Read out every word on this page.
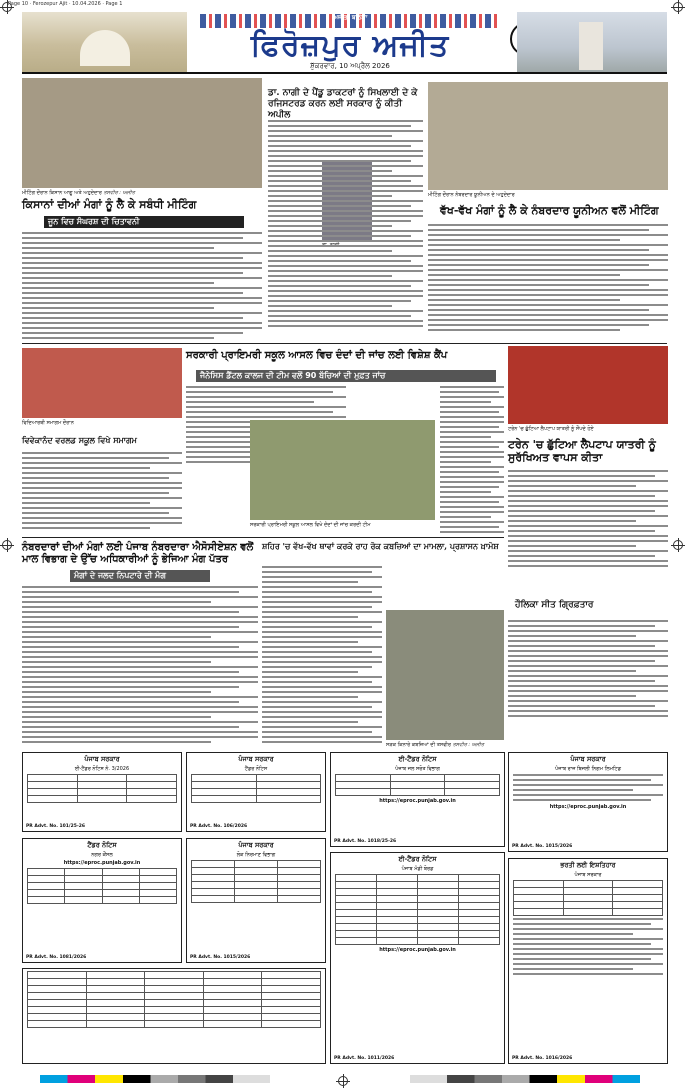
Page 10 · Ferozepur Ajit · 10.04.2026 · Page 1
ਅਜੀਤ, ਬਠਿੰਡਾ
ਫਿਰੋਜ਼ਪੁਰ ਅਜੀਤ
ਸ਼ੁੱਕਰਵਾਰ, 10 ਅਪ੍ਰੈਲ 2026
ਮੀਟਿੰਗ ਦੌਰਾਨ ਕਿਸਾਨ ਆਗੂ ਅਤੇ ਅਹੁਦੇਦਾਰ ਤਸਵੀਰ : ਅਜੀਤ
ਕਿਸਾਨਾਂ ਦੀਆਂ ਮੰਗਾਂ ਨੂੰ ਲੈ ਕੇ ਸਬੰਧੀ ਮੀਟਿੰਗ
ਜੂਨ ਵਿਚ ਸੰਘਰਸ਼ ਦੀ ਚਿਤਾਵਨੀ
ਡਾ. ਨਾਗੀ ਦੇ ਪੈਂਡੂ ਡਾਕਟਰਾਂ ਨੂੰ ਸਿਖਲਾਈ ਦੇ ਕੇ ਰਜਿਸਟਰਡ ਕਰਨ ਲਈ ਸਰਕਾਰ ਨੂੰ ਕੀਤੀ ਅਪੀਲ
ਮੀਟਿੰਗ ਦੌਰਾਨ ਨੰਬਰਦਾਰ ਯੂਨੀਅਨ ਦੇ ਅਹੁਦੇਦਾਰ
ਵੱਖ-ਵੱਖ ਮੰਗਾਂ ਨੂੰ ਲੈ ਕੇ ਨੰਬਰਦਾਰ ਯੂਨੀਅਨ ਵਲੋਂ ਮੀਟਿੰਗ
ਵਿਦਿਆਰਥੀ ਸਮਾਗਮ ਦੌਰਾਨ
ਵਿਵੇਕਾਨੰਦ ਵਰਲਡ ਸਕੂਲ ਵਿਖੇ ਸਮਾਗਮ
ਸਰਕਾਰੀ ਪ੍ਰਾਇਮਰੀ ਸਕੂਲ ਆਸਲ ਵਿਚ ਦੰਦਾਂ ਦੀ ਜਾਂਚ ਲਈ ਵਿਸ਼ੇਸ਼ ਕੈਂਪ
ਜੈਨੇਸਿਸ ਡੈਂਟਲ ਕਾਲਜ ਦੀ ਟੀਮ ਵਲੋਂ 90 ਬੱਚਿਆਂ ਦੀ ਮੁਫ਼ਤ ਜਾਂਚ
ਸਰਕਾਰੀ ਪ੍ਰਾਇਮਰੀ ਸਕੂਲ ਆਸਲ ਵਿਖੇ ਦੰਦਾਂ ਦੀ ਜਾਂਚ ਕਰਦੀ ਟੀਮ
ਟਰੇਨ 'ਚ ਛੁੱਟਿਆ ਲੈਪਟਾਪ ਯਾਤਰੀ ਨੂੰ ਸੌਂਪਦੇ ਹੋਏ
ਟਰੇਨ 'ਚ ਛੁੱਟਿਆ ਲੈਪਟਾਪ ਯਾਤਰੀ ਨੂੰ ਸੁਰੱਖਿਅਤ ਵਾਪਸ ਕੀਤਾ
ਨੰਬਰਦਾਰਾਂ ਦੀਆਂ ਮੰਗਾਂ ਲਈ ਪੰਜਾਬ ਨੰਬਰਦਾਰਾ ਐਸੋਸੀਏਸ਼ਨ ਵਲੋਂ ਮਾਲ ਵਿਭਾਗ ਦੇ ਉੱਚ ਅਧਿਕਾਰੀਆਂ ਨੂੰ ਭੇਜਿਆ ਮੰਗ ਪੱਤਰ
ਮੰਗਾਂ ਦੇ ਜਲਦ ਨਿਪਟਾਰੇ ਦੀ ਮੰਗ
ਸ਼ਹਿਰ 'ਚ ਵੱਖ-ਵੱਖ ਥਾਵਾਂ ਕਰਕੇ ਰਾਹ ਰੋਕ ਕਬਜ਼ਿਆਂ ਦਾ ਮਾਮਲਾ, ਪ੍ਰਸ਼ਾਸਨ ਖ਼ਾਮੋਸ਼
ਸੜਕ ਕਿਨਾਰੇ ਕਬਜ਼ਿਆਂ ਦੀ ਤਸਵੀਰ ਤਸਵੀਰ : ਅਜੀਤ
ਹੌਲਿਕਾ ਸੀਤ ਗ੍ਰਿਫ਼ਤਾਰ
ਪੰਜਾਬ ਸਰਕਾਰ
ਈ-ਟੈਂਡਰ ਨੋਟਿਸ ਨੰ. 3/2026

PR Advt. No. 101/25-26
ਪੰਜਾਬ ਸਰਕਾਰ
ਟੈਂਡਰ ਨੋਟਿਸ

PR Advt. No. 106/2026
ਈ-ਟੈਂਡਰ ਨੋਟਿਸ
ਪੰਜਾਬ ਜਲ ਸਰੋਤ ਵਿਭਾਗ

https://eproc.punjab.gov.in
PR Advt. No. 1018/25-26
ਪੰਜਾਬ ਸਰਕਾਰ
ਪੰਜਾਬ ਰਾਜ ਬਿਜਲੀ ਨਿਗਮ ਲਿਮਟਿਡ
https://eproc.punjab.gov.in
PR Advt. No. 1015/2026
ਟੈਂਡਰ ਨੋਟਿਸ
ਨਗਰ ਕੌਂਸਲ
https://eproc.punjab.gov.in

PR Advt. No. 1081/2026
ਪੰਜਾਬ ਸਰਕਾਰ
ਲੋਕ ਨਿਰਮਾਣ ਵਿਭਾਗ

PR Advt. No. 1015/2026
ਈ-ਟੈਂਡਰ ਨੋਟਿਸ
ਪੰਜਾਬ ਮੰਡੀ ਬੋਰਡ

https://eproc.punjab.gov.in
PR Advt. No. 1011/2026
ਭਰਤੀ ਲਈ ਇਸ਼ਤਿਹਾਰ
ਪੰਜਾਬ ਸਰਕਾਰ

PR Advt. No. 1016/2026
